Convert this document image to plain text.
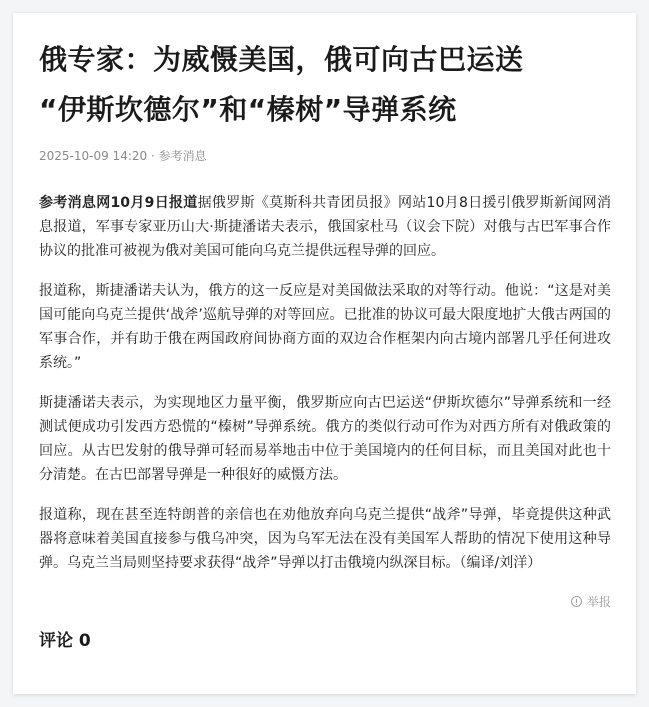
俄专家：为威慑美国，俄可向古巴运送
“伊斯坎德尔”和“榛树”导弹系统
2025-10-09 14:20 · 参考消息

参考消息网10月9日报道据俄罗斯《莫斯科共青团员报》网站10月8日援引俄罗斯新闻网消息报道，军事专家亚历山大·斯捷潘诺夫表示，俄国家杜马（议会下院）对俄与古巴军事合作协议的批准可被视为俄对美国可能向乌克兰提供远程导弹的回应。

报道称，斯捷潘诺夫认为，俄方的这一反应是对美国做法采取的对等行动。他说：“这是对美国可能向乌克兰提供‘战斧’巡航导弹的对等回应。已批准的协议可最大限度地扩大俄古两国的军事合作，并有助于俄在两国政府间协商方面的双边合作框架内向古境内部署几乎任何进攻系统。”

斯捷潘诺夫表示，为实现地区力量平衡，俄罗斯应向古巴运送“伊斯坎德尔”导弹系统和一经测试便成功引发西方恐慌的“榛树”导弹系统。俄方的类似行动可作为对西方所有对俄政策的回应。从古巴发射的俄导弹可轻而易举地击中位于美国境内的任何目标，而且美国对此也十分清楚。在古巴部署导弹是一种很好的威慑方法。

报道称，现在甚至连特朗普的亲信也在劝他放弃向乌克兰提供“战斧”导弹，毕竟提供这种武器将意味着美国直接参与俄乌冲突，因为乌军无法在没有美国军人帮助的情况下使用这种导弹。乌克兰当局则坚持要求获得“战斧”导弹以打击俄境内纵深目标。（编译/刘洋）

举报
评论 0
